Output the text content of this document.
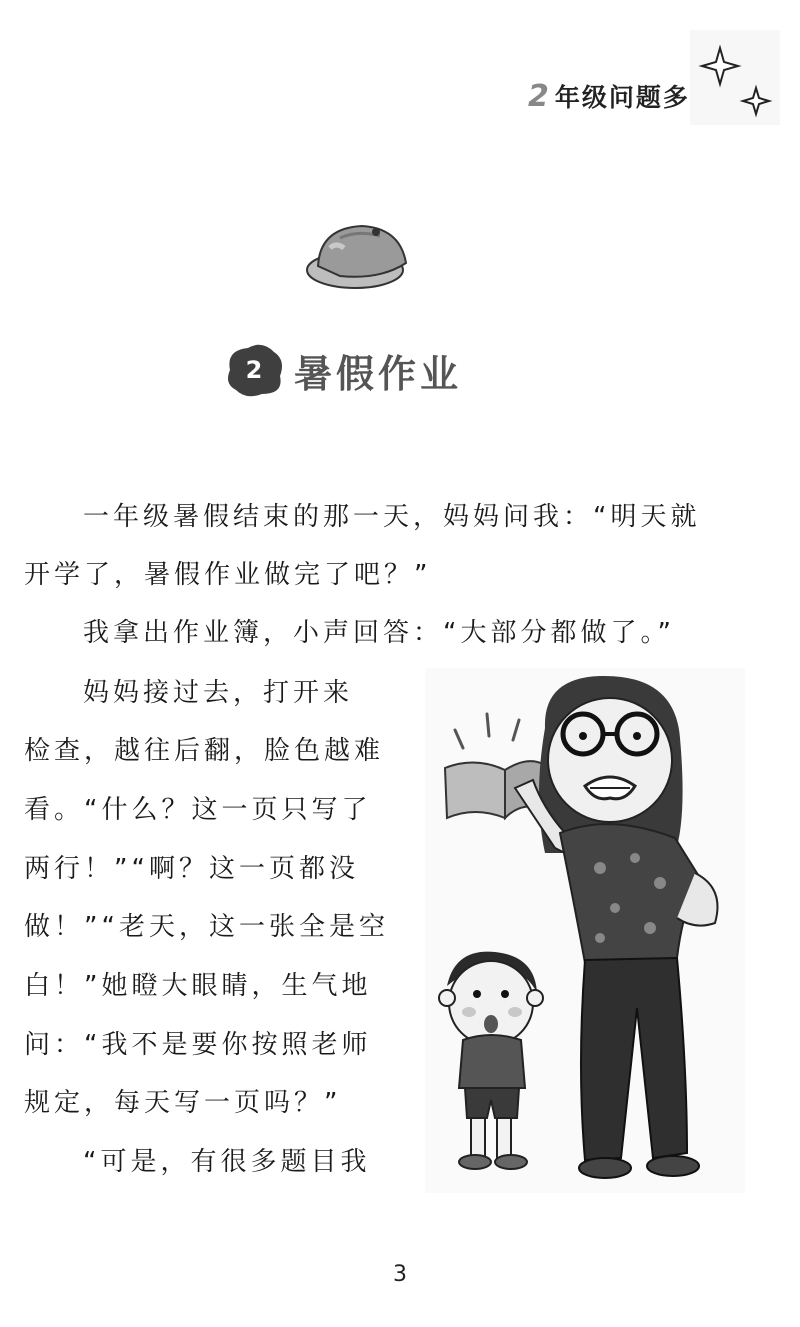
2 年级问题多
2 暑假作业
一年级暑假结束的那一天，妈妈问我：“明天就
开学了，暑假作业做完了吧？”
我拿出作业簿，小声回答：“大部分都做了。”
妈妈接过去，打开来
检查，越往后翻，脸色越难
看。“什么？这一页只写了
两行！”“啊？这一页都没
做！”“老天，这一张全是空
白！”她瞪大眼睛，生气地
问：“我不是要你按照老师
规定，每天写一页吗？”
“可是，有很多题目我
3
